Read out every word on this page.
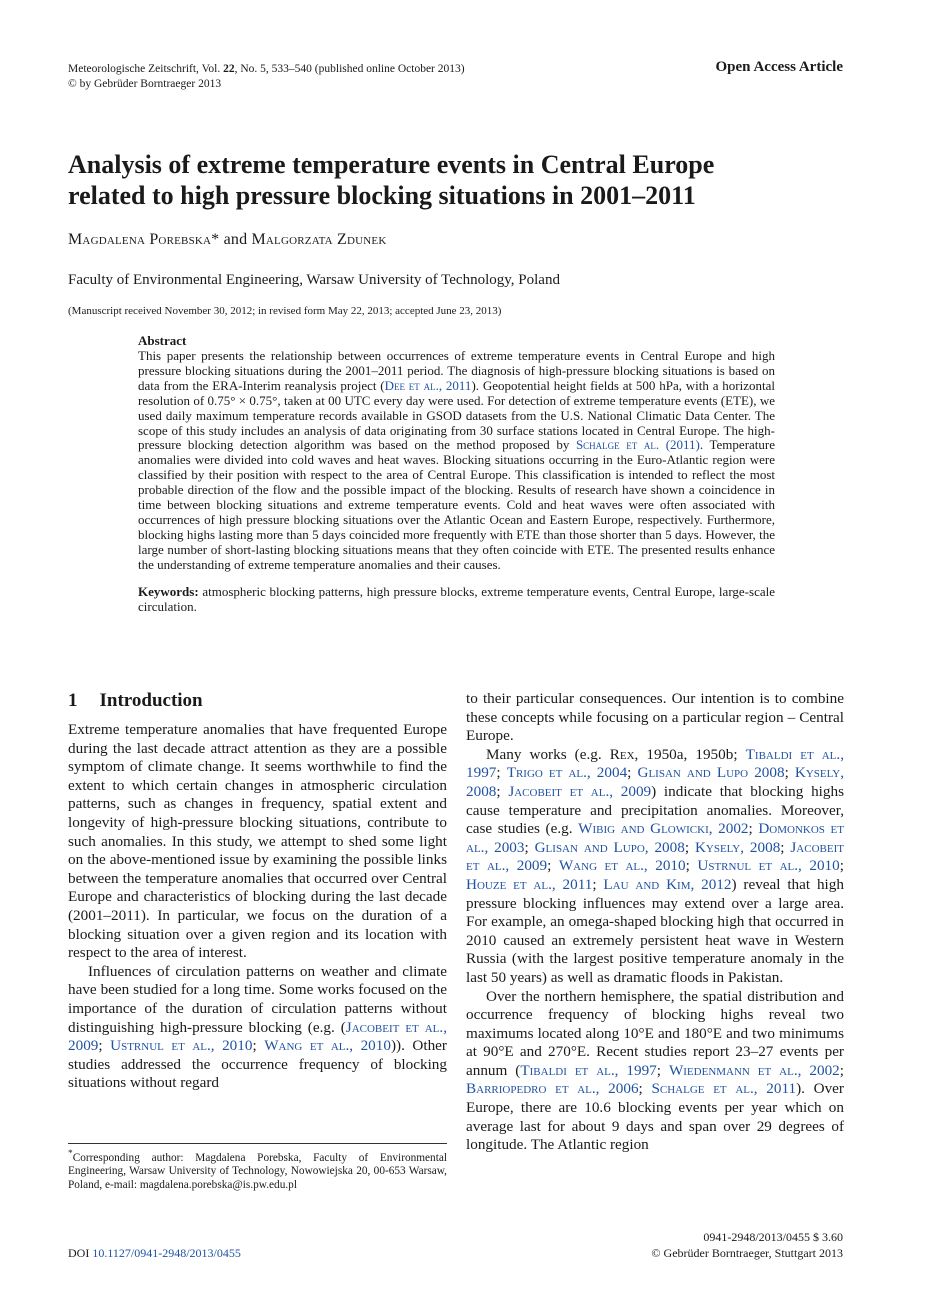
Meteorologische Zeitschrift, Vol. 22, No. 5, 533–540 (published online October 2013)
© by Gebrüder Borntraeger 2013
Open Access Article
Analysis of extreme temperature events in Central Europe
related to high pressure blocking situations in 2001–2011
Magdalena Porebska* and Malgorzata Zdunek
Faculty of Environmental Engineering, Warsaw University of Technology, Poland
(Manuscript received November 30, 2012; in revised form May 22, 2013; accepted June 23, 2013)
Abstract

This paper presents the relationship between occurrences of extreme temperature events in Central Europe and high pressure blocking situations during the 2001–2011 period. The diagnosis of high-pressure blocking situations is based on data from the ERA-Interim reanalysis project (Dee et al., 2011). Geopotential height fields at 500 hPa, with a horizontal resolution of 0.75° × 0.75°, taken at 00 UTC every day were used. For detection of extreme temperature events (ETE), we used daily maximum temperature records available in GSOD datasets from the U.S. National Climatic Data Center. The scope of this study includes an analysis of data originating from 30 surface stations located in Central Europe. The high-pressure blocking detection algorithm was based on the method proposed by Schalge et al. (2011). Temperature anomalies were divided into cold waves and heat waves. Blocking situations occurring in the Euro-Atlantic region were classified by their position with respect to the area of Central Europe. This classification is intended to reflect the most probable direction of the flow and the possible impact of the blocking. Results of research have shown a coincidence in time between blocking situations and extreme temperature events. Cold and heat waves were often associated with occurrences of high pressure blocking situations over the Atlantic Ocean and Eastern Europe, respectively. Furthermore, blocking highs lasting more than 5 days coincided more frequently with ETE than those shorter than 5 days. However, the large number of short-lasting blocking situations means that they often coincide with ETE. The presented results enhance the understanding of extreme temperature anomalies and their causes.

Keywords: atmospheric blocking patterns, high pressure blocks, extreme temperature events, Central Europe, large-scale circulation.

1 Introduction

Extreme temperature anomalies that have frequented Europe during the last decade attract attention as they are a possible symptom of climate change. It seems worthwhile to find the extent to which certain changes in atmospheric circulation patterns, such as changes in frequency, spatial extent and longevity of high-pressure blocking situations, contribute to such anomalies. In this study, we attempt to shed some light on the above-mentioned issue by examining the possible links between the temperature anomalies that occurred over Central Europe and characteristics of blocking during the last decade (2001–2011). In particular, we focus on the duration of a blocking situation over a given region and its location with respect to the area of interest.

Influences of circulation patterns on weather and climate have been studied for a long time. Some works focused on the importance of the duration of circulation patterns without distinguishing high-pressure blocking (e.g. (Jacobeit et al., 2009; Ustrnul et al., 2010; Wang et al., 2010)). Other studies addressed the occurrence frequency of blocking situations without regard

*Corresponding author: Magdalena Porebska, Faculty of Environmental Engineering, Warsaw University of Technology, Nowowiejska 20, 00-653 Warsaw, Poland, e-mail: magdalena.porebska@is.pw.edu.pl

to their particular consequences. Our intention is to combine these concepts while focusing on a particular region – Central Europe.

Many works (e.g. Rex, 1950a, 1950b; Tibaldi et al., 1997; Trigo et al., 2004; Glisan and Lupo 2008; Kysely, 2008; Jacobeit et al., 2009) indicate that blocking highs cause temperature and precipitation anomalies. Moreover, case studies (e.g. Wibig and Glowicki, 2002; Domonkos et al., 2003; Glisan and Lupo, 2008; Kysely, 2008; Jacobeit et al., 2009; Wang et al., 2010; Ustrnul et al., 2010; Houze et al., 2011; Lau and Kim, 2012) reveal that high pressure blocking influences may extend over a large area. For example, an omega-shaped blocking high that occurred in 2010 caused an extremely persistent heat wave in Western Russia (with the largest positive temperature anomaly in the last 50 years) as well as dramatic floods in Pakistan.

Over the northern hemisphere, the spatial distribution and occurrence frequency of blocking highs reveal two maximums located along 10°E and 180°E and two minimums at 90°E and 270°E. Recent studies report 23–27 events per annum (Tibaldi et al., 1997; Wiedenmann et al., 2002; Barriopedro et al., 2006; Schalge et al., 2011). Over Europe, there are 10.6 blocking events per year which on average last for about 9 days and span over 29 degrees of longitude. The Atlantic region

0941-2948/2013/0455 $ 3.60
© Gebrüder Borntraeger, Stuttgart 2013
DOI 10.1127/0941-2948/2013/0455
